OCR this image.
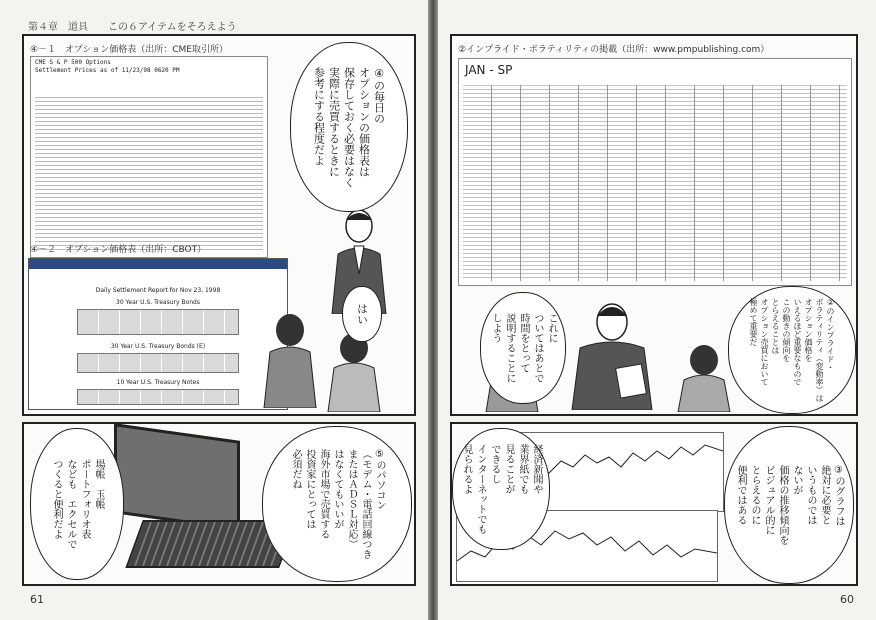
第４章　道具　　この６アイテムをそろえよう
④－１　オプション価格表（出所：CME取引所）
CME S & P 500 Options
Settlement Prices as of 11/23/98 0620 PM
④－２　オプション価格表（出所：CBOT）
Daily Settlement Report for Nov 23, 1998
30 Year U.S. Treasury Bonds
30 Year U.S. Treasury Bonds (E)
10 Year U.S. Treasury Notes
④の毎日の
オプションの価格表は
保存しておく必要はなく
実際に売買するときに
参考にする程度だよ
はい
場帳　玉帳
ポートフォリオ表
なども　エクセルで
つくると便利だよ	⑤のパソコン
（モデム・電話回線つき
またはＡＤＳＬ対応）
はなくてもいいが
海外市場で売買する
投資家にとっては
必須だね
61
②インプライド・ボラティリティの掲載（出所：www.pmpublishing.com）
JAN - SP
これに
ついてはあとで
時間をとって
説明することに
しよう	②のインプライド・
ボラティリティ（変動率）は
オプション価格を
いえるほど重要なもので
この動きの傾向を
とらえることは
オプション売買において
極めて重要だ
経済新聞や
業界紙でも
見ることが
できるし
インターネットでも
見られるよ	③のグラフは
絶対に必要と
いうものでは
ないが
価格の推移傾向を
ビジュアル的に
とらえるのに
便利ではある
60
